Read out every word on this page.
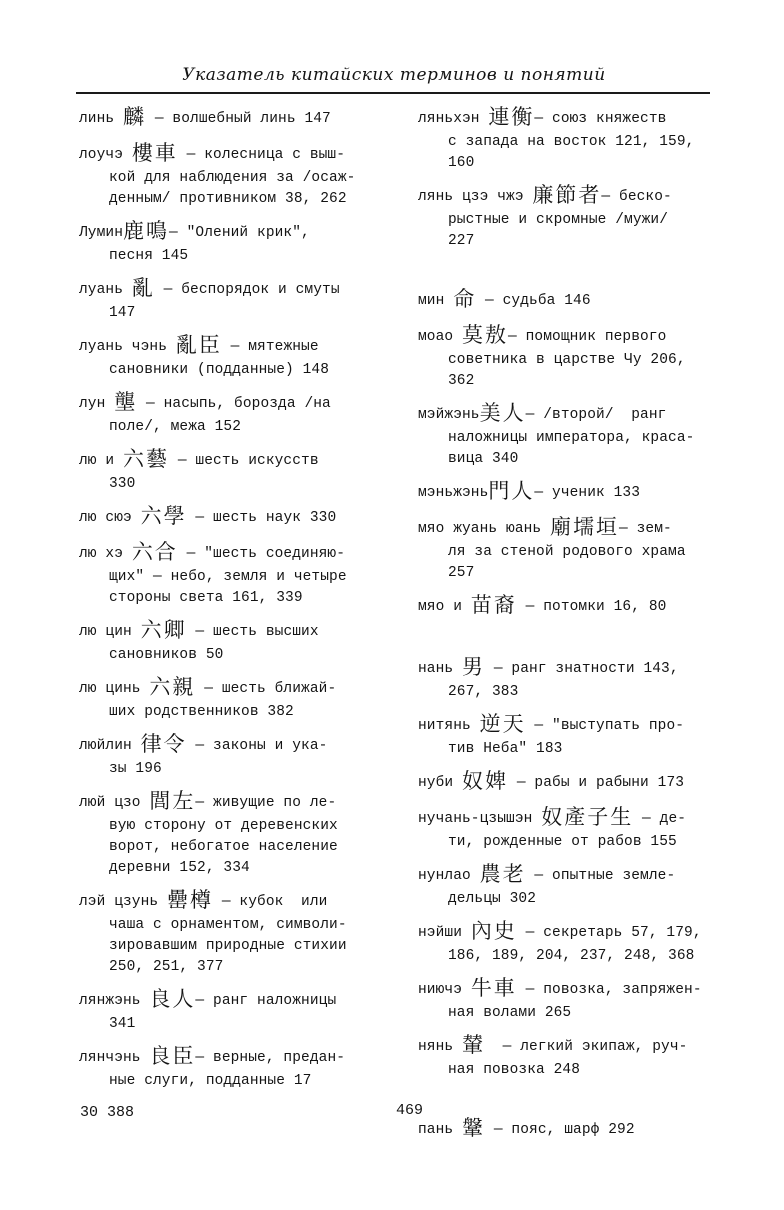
Указатель китайских терминов и понятий
линь 麟 — волшебный линь 147
лоучэ 樓車 — колесница с выш-
кой для наблюдения за /осаж-
денным/ противником 38, 262
Лумин鹿鳴— "Олений крик",
песня 145
луань 亂 — беспорядок и смуты
147
луань чэнь 亂臣 — мятежные
сановники (подданные) 148
лун 壟 — насыпь, борозда /на
поле/, межа 152
лю и 六藝 — шесть искусств
330
лю сюэ 六學 — шесть наук 330
лю хэ 六合 — "шесть соединяю-
щих" — небо, земля и четыре
стороны света 161, 339
лю цин 六卿 — шесть высших
сановников 50
лю цинь 六親 — шесть ближай-
ших родственников 382
люйлин 律令 — законы и ука-
зы 196
люй цзо 閭左— живущие по ле-
вую сторону от деревенских
ворот, небогатое население
деревни 152, 334
лэй цзунь 罍樽 — кубок  или
чаша с орнаментом, символи-
зировавшим природные стихии
250, 251, 377
лянжэнь 良人— ранг наложницы
341
лянчэнь 良臣— верные, предан-
ные слуги, подданные 17
ляньхэн 連衡— союз княжеств
с запада на восток 121, 159,
160
лянь цзэ чжэ 廉節者— беско-
рыстные и скромные /мужи/
227
мин 命 — судьба 146
моао 莫敖— помощник первого
советника в царстве Чу 206,
362
мэйжэнь美人— /второй/  ранг
наложницы императора, краса-
вица 340
мэньжэнь門人— ученик 133
мяо жуань юань 廟壖垣— зем-
ля за стеной родового храма
257
мяо и 苗裔 — потомки 16, 80
нань 男 — ранг знатности 143,
267, 383
нитянь 逆天 — "выступать про-
тив Неба" 183
нуби 奴婢 — рабы и рабыни 173
нучань-цзышэн 奴產子生 — де-
ти, рожденные от рабов 155
нунлао 農老 — опытные земле-
дельцы 302
нэйши 內史 — секретарь 57, 179,
186, 189, 204, 237, 248, 368
ниючэ 牛車 — повозка, запряжен-
ная волами 265
нянь 輦  — легкий экипаж, руч-
ная повозка 248
пань 鞶 — пояс, шарф 292
30 388	469
